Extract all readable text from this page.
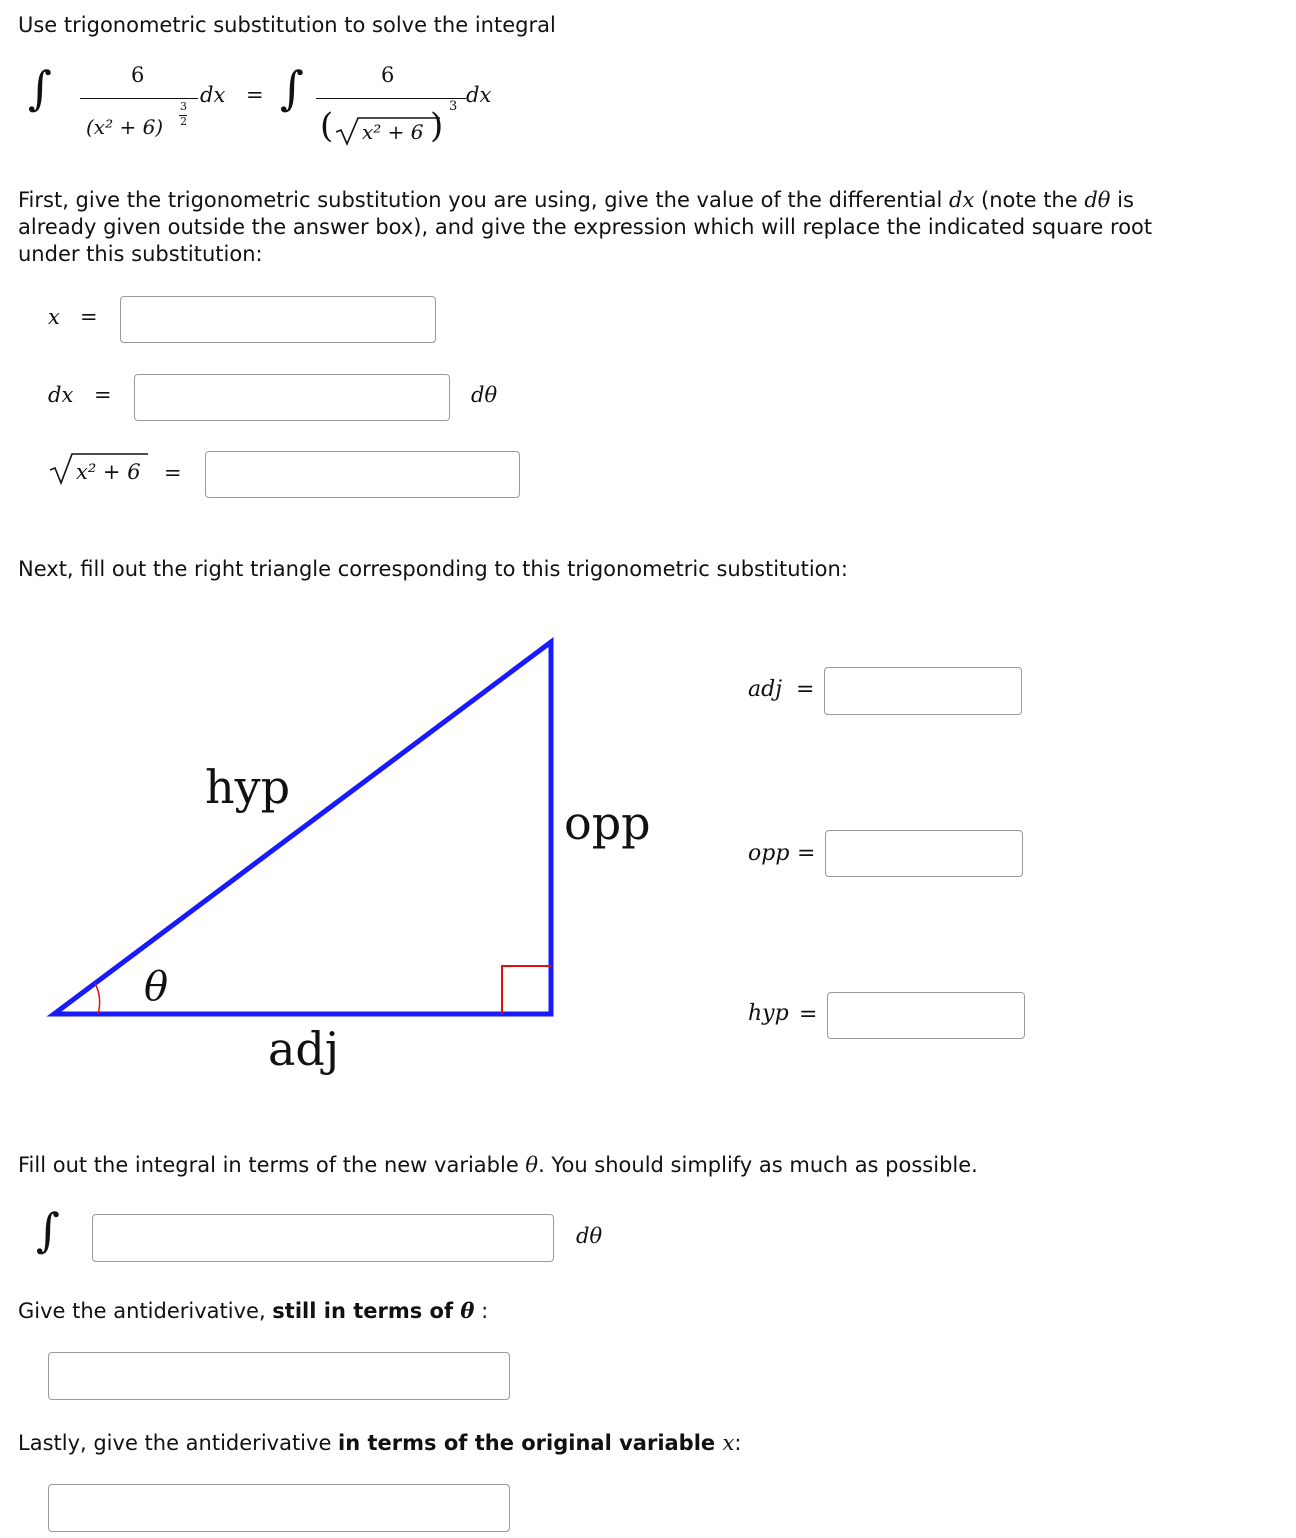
Use trigonometric substitution to solve the integral
∫	6
(x² + 6)
3
2
dx = ∫	6
( x² + 6 ) 3 dx
First, give the trigonometric substitution you are using, give the value of the differential dx (note the dθ is already given outside the answer box), and give the expression which will replace the indicated square root under this substitution:
x =
dx =	dθ
x² + 6 =
Next, fill out the right triangle corresponding to this trigonometric substitution:
hyp
opp
adj
θ
adj =
opp =
hyp =
Fill out the integral in terms of the new variable θ. You should simplify as much as possible.
∫	dθ
Give the antiderivative, still in terms of θ :
Lastly, give the antiderivative in terms of the original variable x:
